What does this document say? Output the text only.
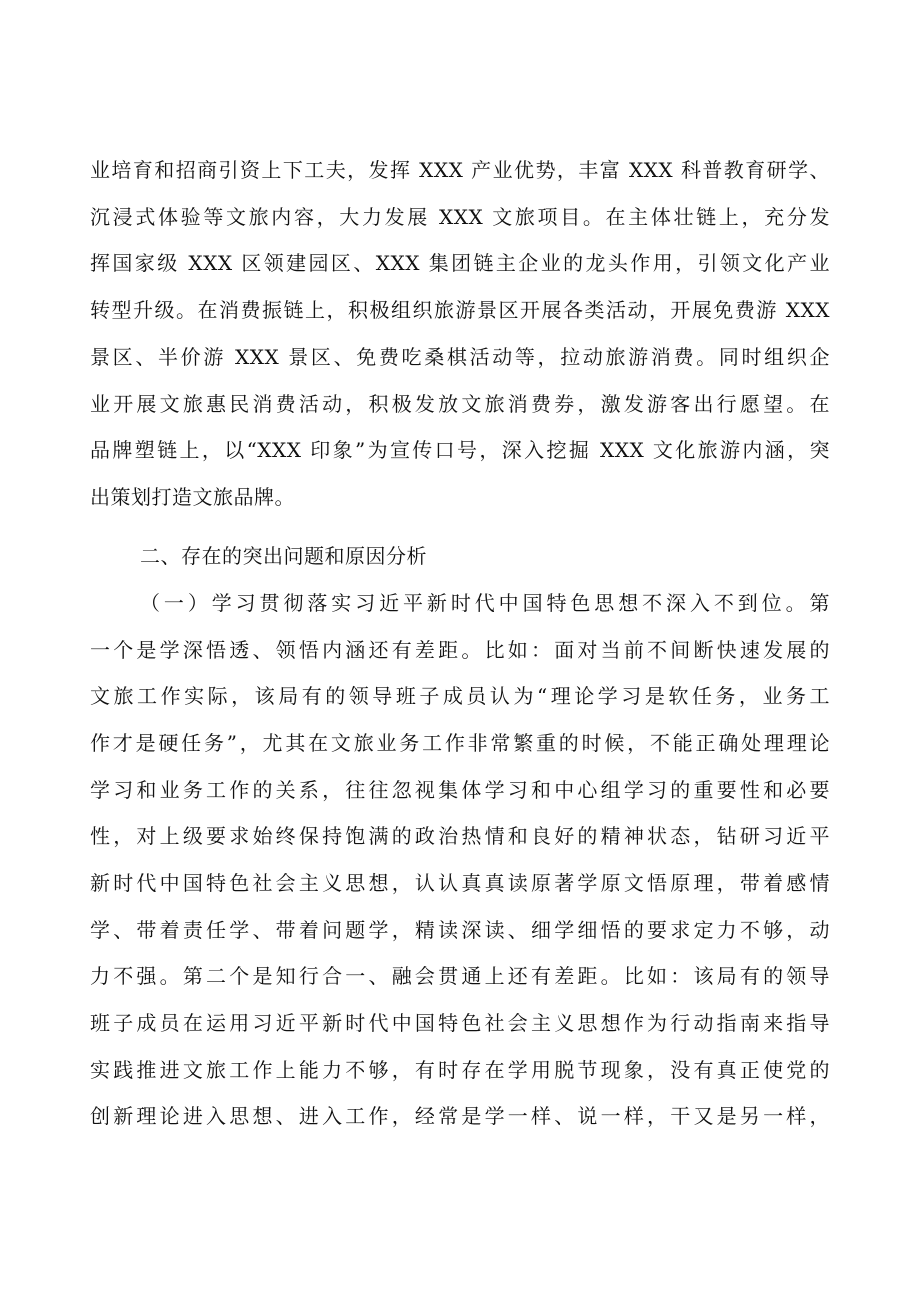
业培育和招商引资上下工夫，发挥 XXX 产业优势，丰富 XXX 科普教育研学、
沉浸式体验等文旅内容，大力发展 XXX 文旅项目。在主体壮链上，充分发
挥国家级 XXX 区领建园区、XXX 集团链主企业的龙头作用，引领文化产业
转型升级。在消费振链上，积极组织旅游景区开展各类活动，开展免费游 XXX
景区、半价游 XXX 景区、免费吃桑棋活动等，拉动旅游消费。同时组织企
业开展文旅惠民消费活动，积极发放文旅消费券，激发游客出行愿望。在
品牌塑链上，以“XXX 印象”为宣传口号，深入挖掘 XXX 文化旅游内涵，突
出策划打造文旅品牌。
二、存在的突出问题和原因分析
（一）学习贯彻落实习近平新时代中国特色思想不深入不到位。第
一个是学深悟透、领悟内涵还有差距。比如：面对当前不间断快速发展的
文旅工作实际，该局有的领导班子成员认为“理论学习是软任务，业务工
作才是硬任务”，尤其在文旅业务工作非常繁重的时候，不能正确处理理论
学习和业务工作的关系，往往忽视集体学习和中心组学习的重要性和必要
性，对上级要求始终保持饱满的政治热情和良好的精神状态，钻研习近平
新时代中国特色社会主义思想，认认真真读原著学原文悟原理，带着感情
学、带着责任学、带着问题学，精读深读、细学细悟的要求定力不够，动
力不强。第二个是知行合一、融会贯通上还有差距。比如：该局有的领导
班子成员在运用习近平新时代中国特色社会主义思想作为行动指南来指导
实践推进文旅工作上能力不够，有时存在学用脱节现象，没有真正使党的
创新理论进入思想、进入工作，经常是学一样、说一样，干又是另一样，
